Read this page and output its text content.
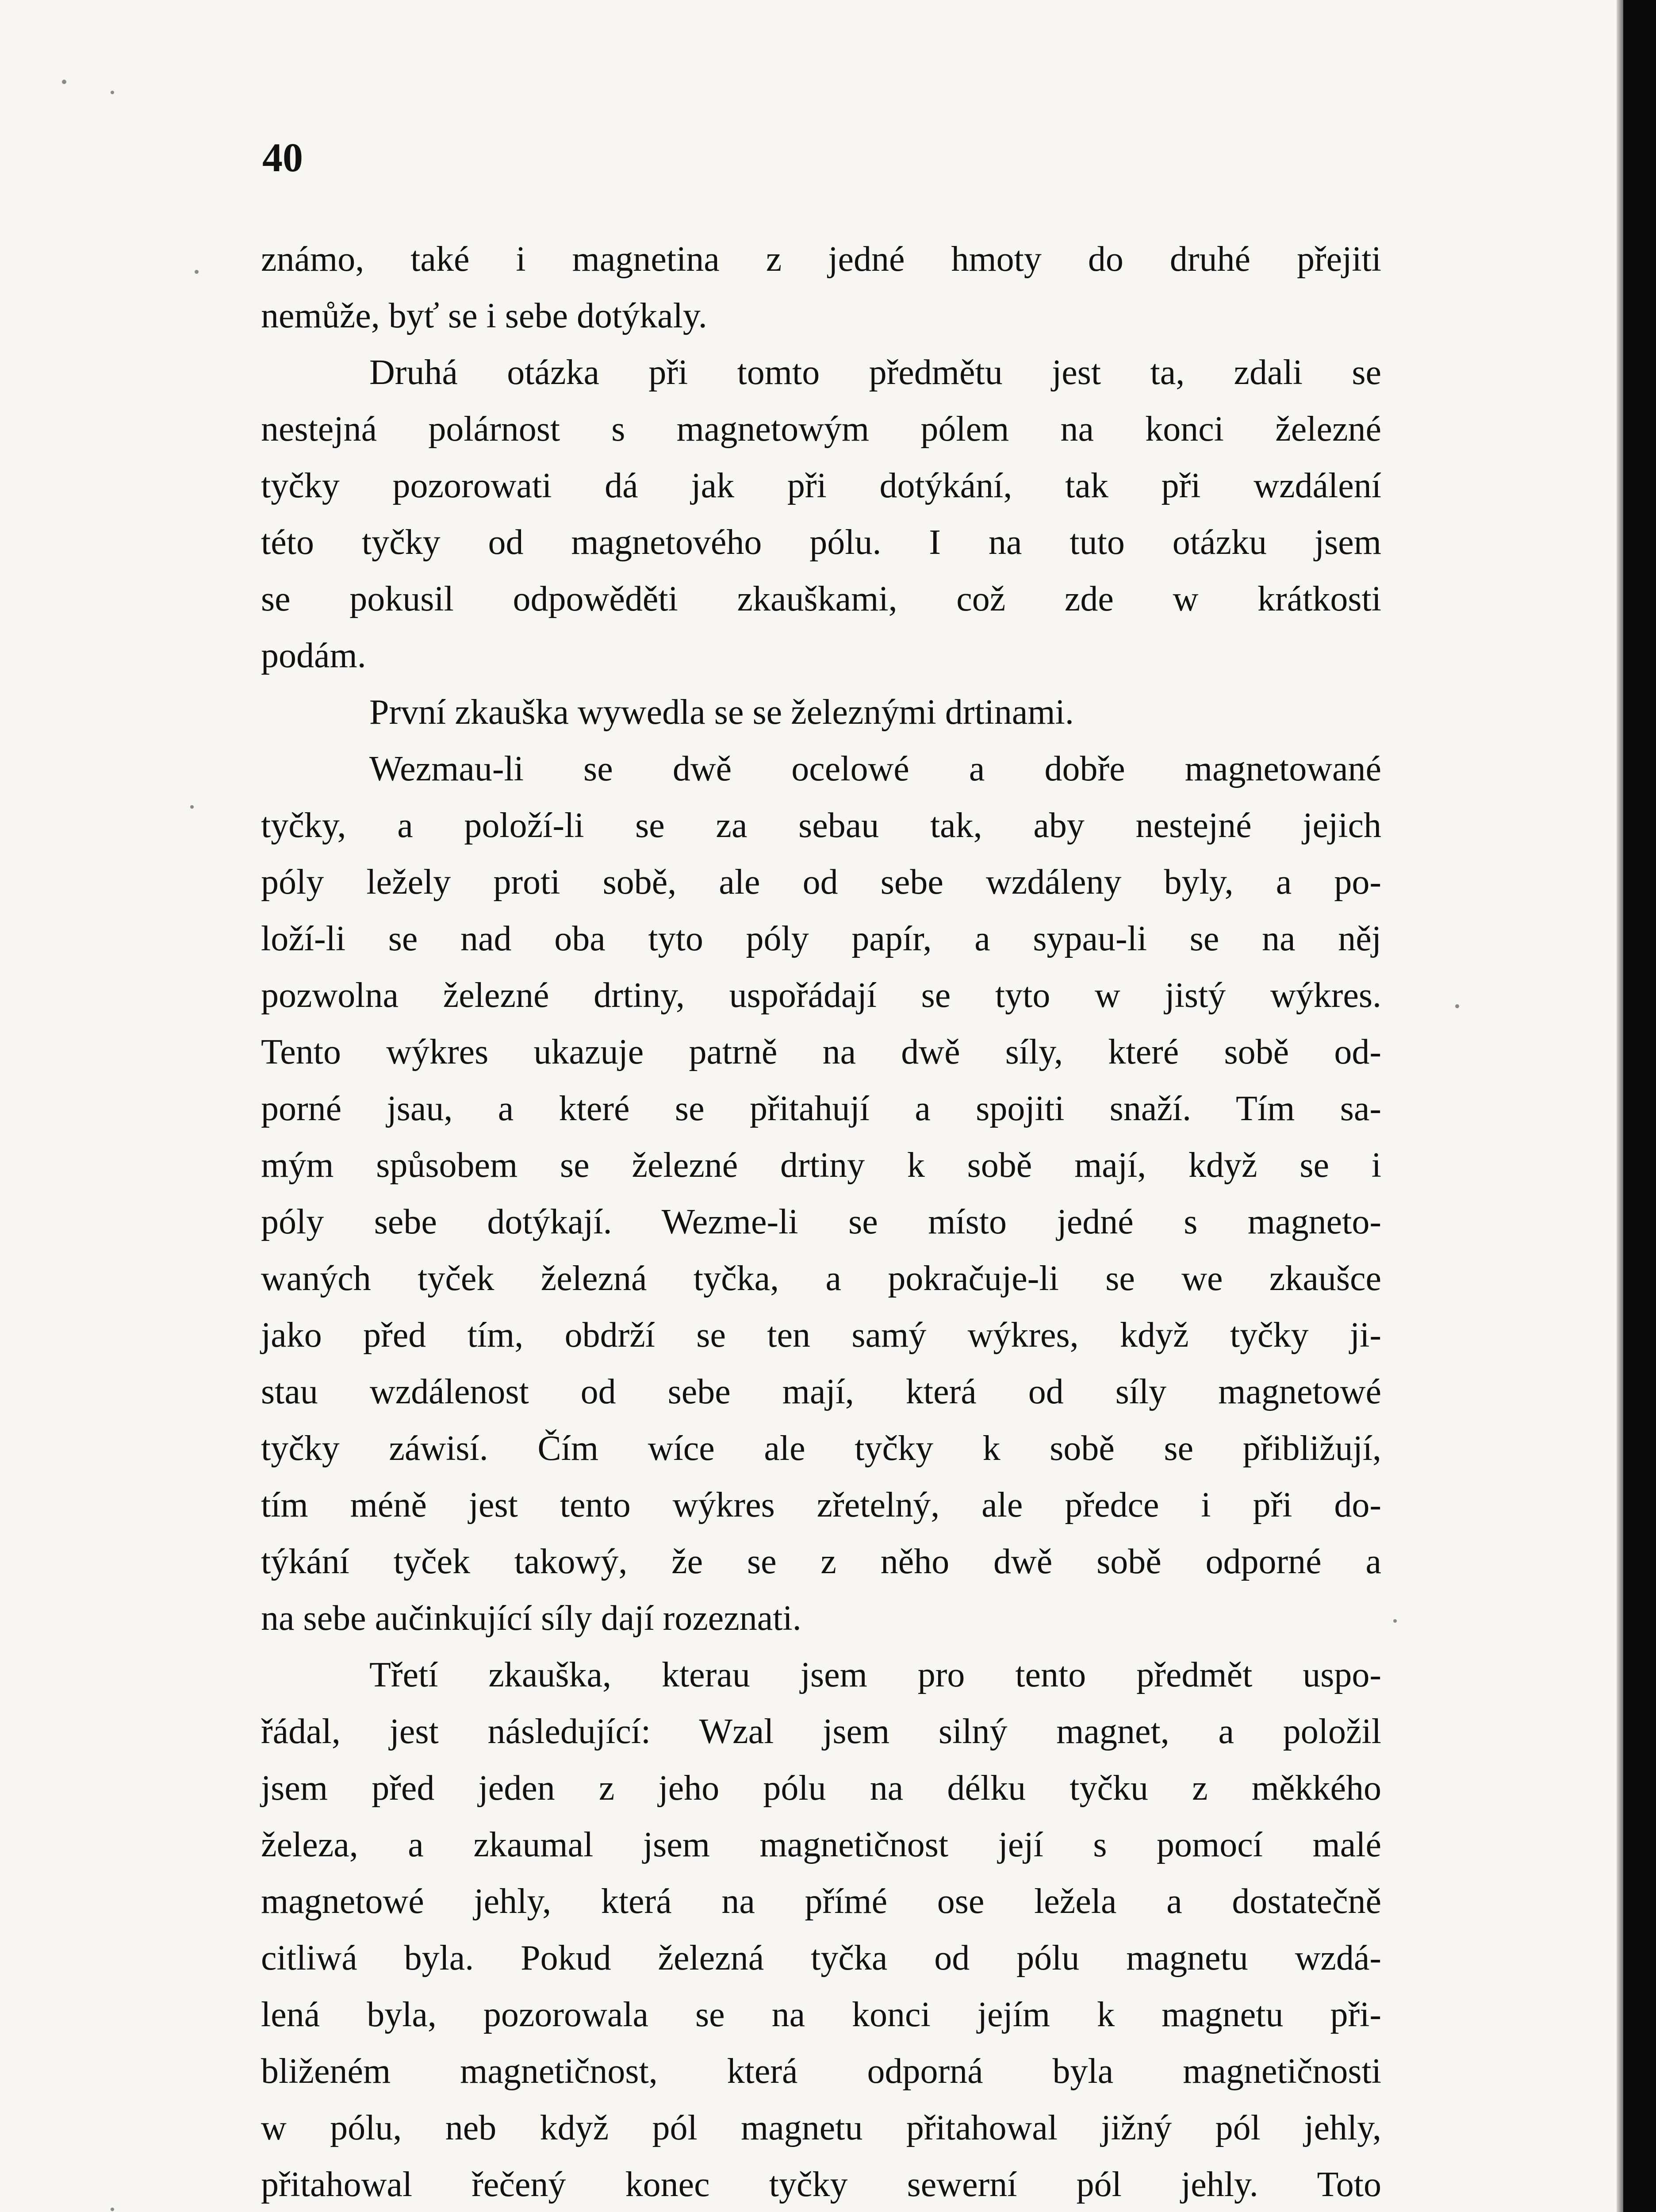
40
známo, také i magnetina z jedné hmoty do druhé přejiti
nemůže, byť se i sebe dotýkaly.
Druhá otázka při tomto předmětu jest ta, zdali se
nestejná polárnost s magnetowým pólem na konci železné
tyčky pozorowati dá jak při dotýkání, tak při wzdálení
této tyčky od magnetového pólu. I na tuto otázku jsem
se pokusil odpowěděti zkauškami, což zde w krátkosti
podám.
První zkauška wywedla se se železnými drtinami.
Wezmau-li se dwě ocelowé a dobře magnetowané
tyčky, a položí-li se za sebau tak, aby nestejné jejich
póly ležely proti sobě, ale od sebe wzdáleny byly, a po-
loží-li se nad oba tyto póly papír, a sypau-li se na něj
pozwolna železné drtiny, uspořádají se tyto w jistý wýkres.
Tento wýkres ukazuje patrně na dwě síly, které sobě od-
porné jsau, a které se přitahují a spojiti snaží. Tím sa-
mým spůsobem se železné drtiny k sobě mají, když se i
póly sebe dotýkají. Wezme-li se místo jedné s magneto-
waných tyček železná tyčka, a pokračuje-li se we zkaušce
jako před tím, obdrží se ten samý wýkres, když tyčky ji-
stau wzdálenost od sebe mají, která od síly magnetowé
tyčky záwisí. Čím wíce ale tyčky k sobě se přibližují,
tím méně jest tento wýkres zřetelný, ale předce i při do-
týkání tyček takowý, že se z něho dwě sobě odporné a
na sebe aučinkující síly dají rozeznati.
Třetí zkauška, kterau jsem pro tento předmět uspo-
řádal, jest následující: Wzal jsem silný magnet, a položil
jsem před jeden z jeho pólu na délku tyčku z měkkého
železa, a zkaumal jsem magnetičnost její s pomocí malé
magnetowé jehly, která na přímé ose ležela a dostatečně
citliwá byla. Pokud železná tyčka od pólu magnetu wzdá-
lená byla, pozorowala se na konci jejím k magnetu při-
bliženém magnetičnost, která odporná byla magnetičnosti
w pólu, neb když pól magnetu přitahowal jižný pól jehly,
přitahowal řečený konec tyčky sewerní pól jehly. Toto
